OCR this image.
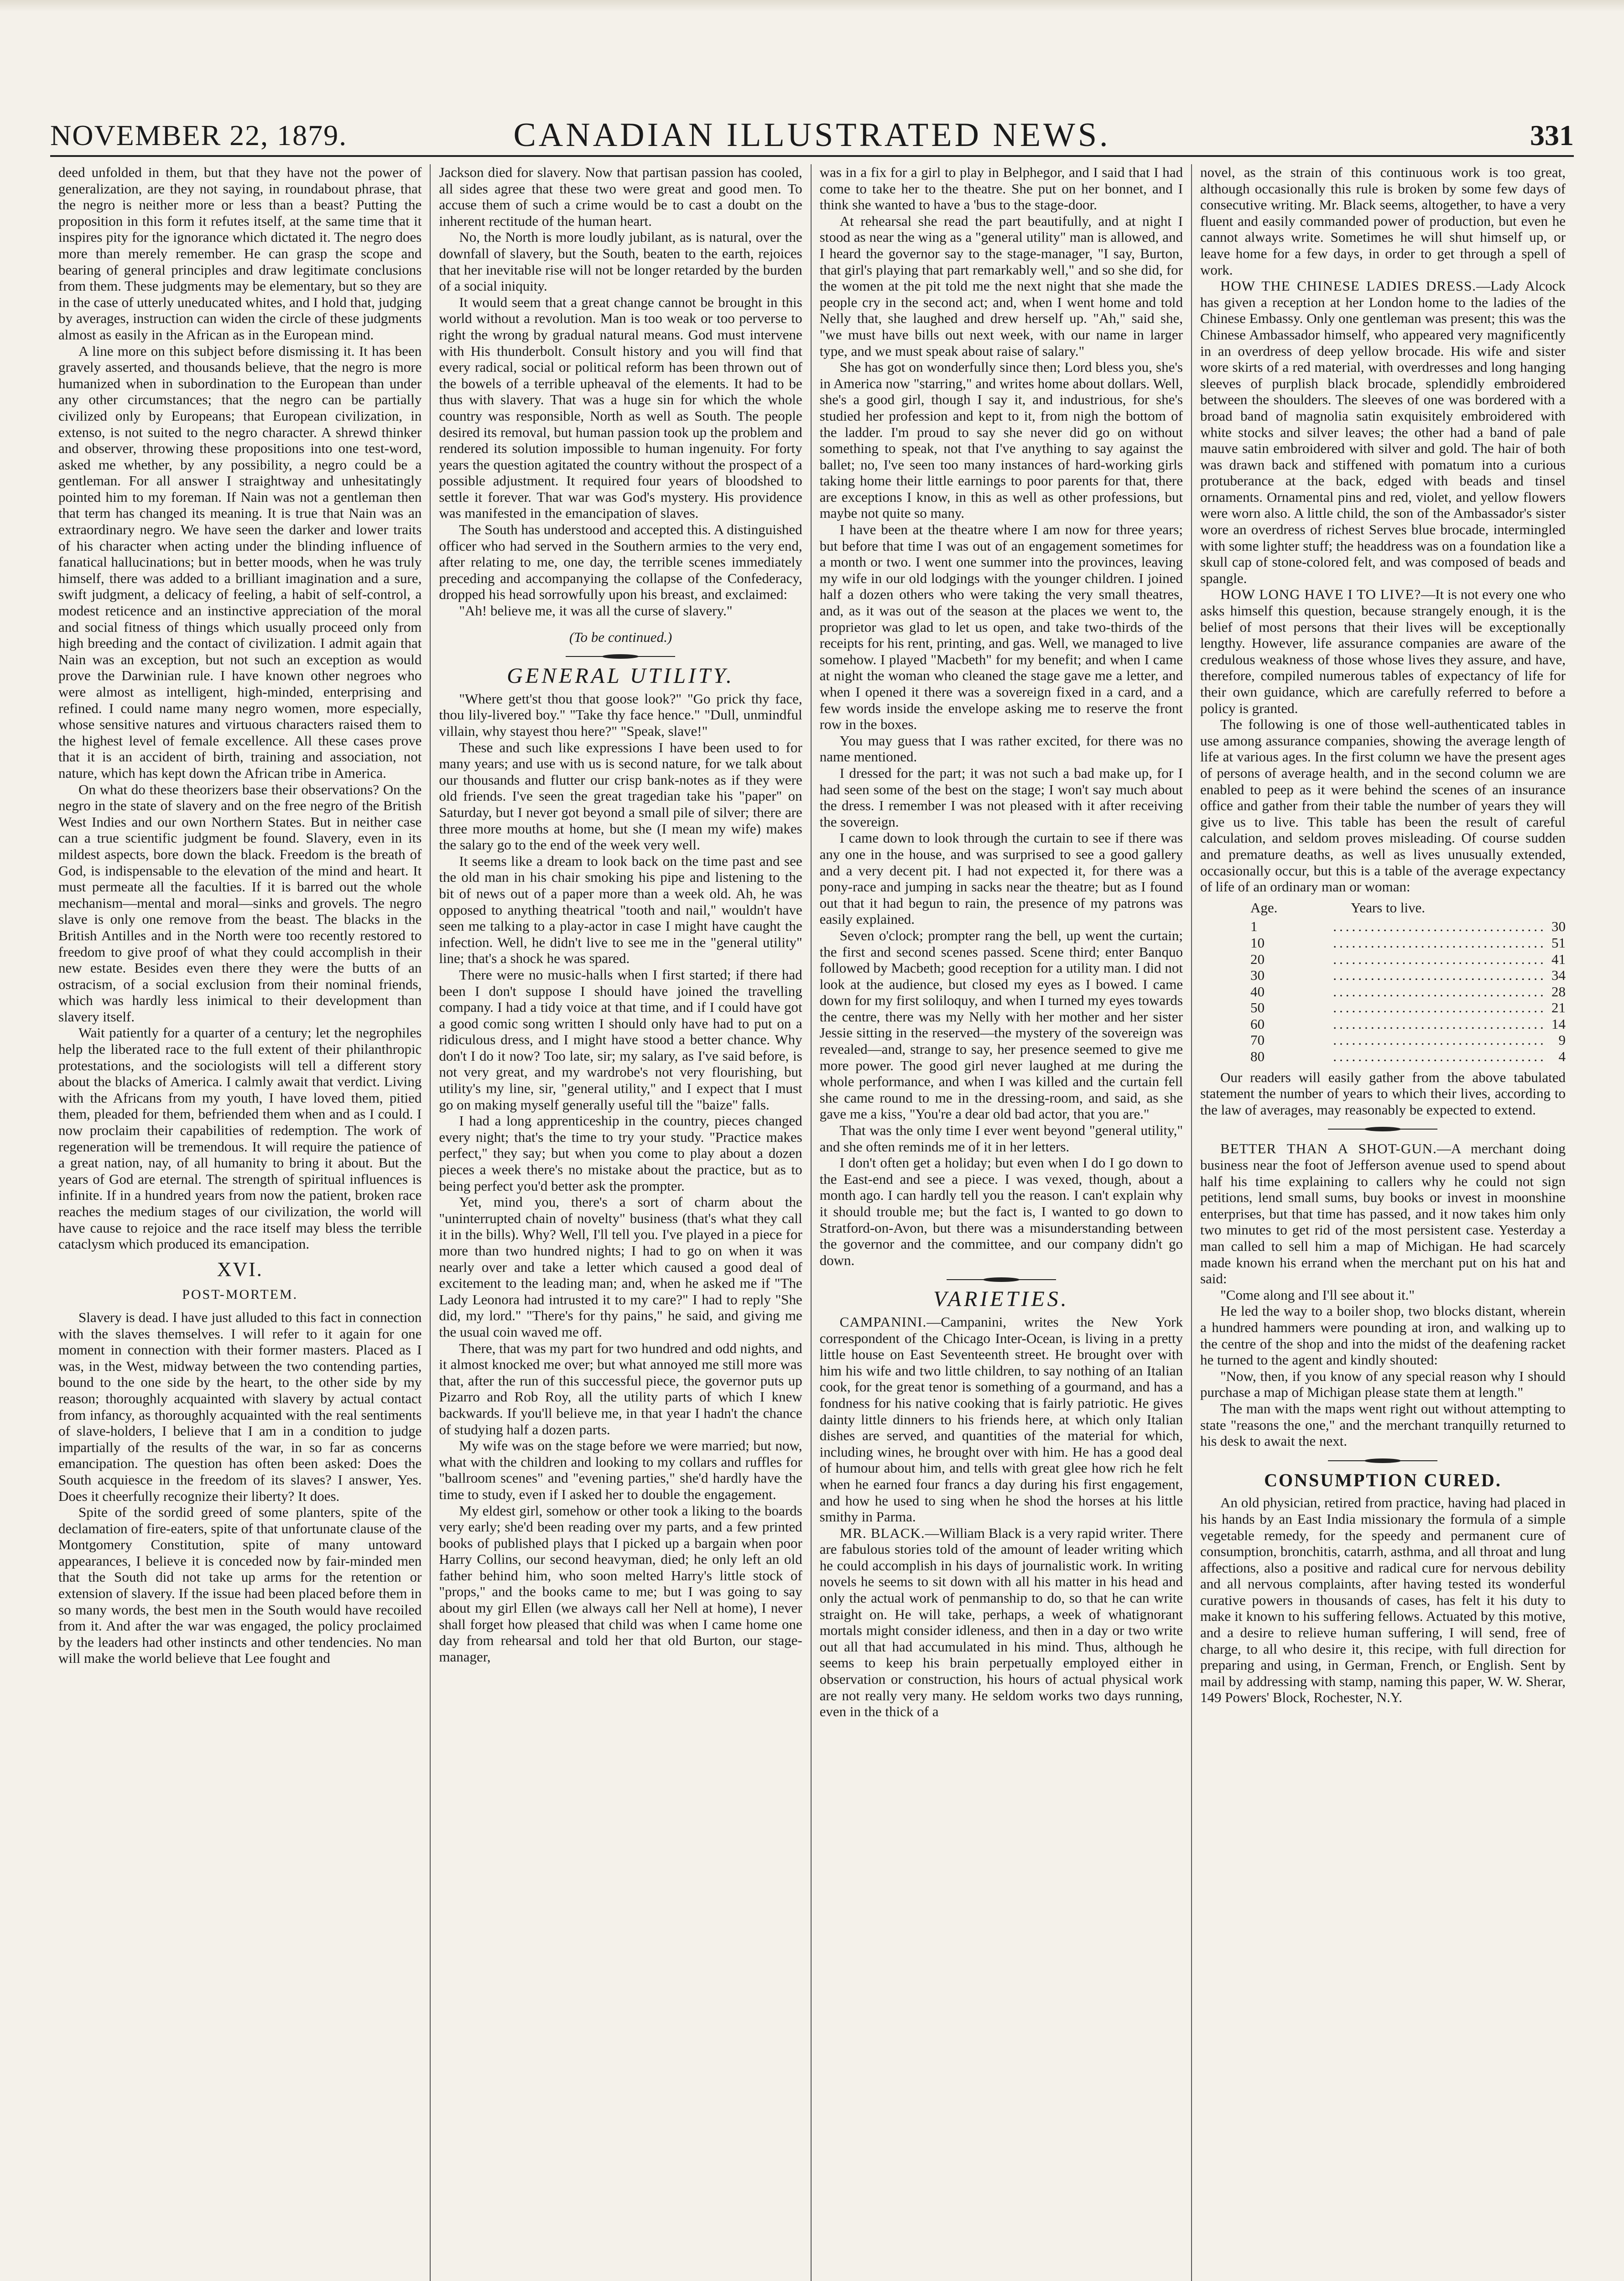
NOVEMBER 22, 1879.	CANADIAN ILLUSTRATED NEWS.	331

deed unfolded in them, but that they have not the power of generalization, are they not saying, in roundabout phrase, that the negro is neither more or less than a beast? Putting the proposition in this form it refutes itself, at the same time that it inspires pity for the ignorance which dictated it. The negro does more than merely remember. He can grasp the scope and bearing of general principles and draw legitimate conclusions from them. These judgments may be elementary, but so they are in the case of utterly uneducated whites, and I hold that, judging by averages, instruction can widen the circle of these judgments almost as easily in the African as in the European mind.

A line more on this subject before dismissing it. It has been gravely asserted, and thousands believe, that the negro is more humanized when in subordination to the European than under any other circumstances; that the negro can be partially civilized only by Europeans; that European civilization, in extenso, is not suited to the negro character. A shrewd thinker and observer, throwing these propositions into one test-word, asked me whether, by any possibility, a negro could be a gentleman. For all answer I straightway and unhesitatingly pointed him to my foreman. If Nain was not a gentleman then that term has changed its meaning. It is true that Nain was an extraordinary negro. We have seen the darker and lower traits of his character when acting under the blinding influence of fanatical hallucinations; but in better moods, when he was truly himself, there was added to a brilliant imagination and a sure, swift judgment, a delicacy of feeling, a habit of self-control, a modest reticence and an instinctive appreciation of the moral and social fitness of things which usually proceed only from high breeding and the contact of civilization. I admit again that Nain was an exception, but not such an exception as would prove the Darwinian rule. I have known other negroes who were almost as intelligent, high-minded, enterprising and refined. I could name many negro women, more especially, whose sensitive natures and virtuous characters raised them to the highest level of female excellence. All these cases prove that it is an accident of birth, training and association, not nature, which has kept down the African tribe in America.

On what do these theorizers base their observations? On the negro in the state of slavery and on the free negro of the British West Indies and our own Northern States. But in neither case can a true scientific judgment be found. Slavery, even in its mildest aspects, bore down the black. Freedom is the breath of God, is indispensable to the elevation of the mind and heart. It must permeate all the faculties. If it is barred out the whole mechanism—mental and moral—sinks and grovels. The negro slave is only one remove from the beast. The blacks in the British Antilles and in the North were too recently restored to freedom to give proof of what they could accomplish in their new estate. Besides even there they were the butts of an ostracism, of a social exclusion from their nominal friends, which was hardly less inimical to their development than slavery itself.

Wait patiently for a quarter of a century; let the negrophiles help the liberated race to the full extent of their philanthropic protestations, and the sociologists will tell a different story about the blacks of America. I calmly await that verdict. Living with the Africans from my youth, I have loved them, pitied them, pleaded for them, befriended them when and as I could. I now proclaim their capabilities of redemption. The work of regeneration will be tremendous. It will require the patience of a great nation, nay, of all humanity to bring it about. But the years of God are eternal. The strength of spiritual influences is infinite. If in a hundred years from now the patient, broken race reaches the medium stages of our civilization, the world will have cause to rejoice and the race itself may bless the terrible cataclysm which produced its emancipation.

XVI.
POST-MORTEM.

Slavery is dead. I have just alluded to this fact in connection with the slaves themselves. I will refer to it again for one moment in connection with their former masters. Placed as I was, in the West, midway between the two contending parties, bound to the one side by the heart, to the other side by my reason; thoroughly acquainted with slavery by actual contact from infancy, as thoroughly acquainted with the real sentiments of slave-holders, I believe that I am in a condition to judge impartially of the results of the war, in so far as concerns emancipation. The question has often been asked: Does the South acquiesce in the freedom of its slaves? I answer, Yes. Does it cheerfully recognize their liberty? It does.

Spite of the sordid greed of some planters, spite of the declamation of fire-eaters, spite of that unfortunate clause of the Montgomery Constitution, spite of many untoward appearances, I believe it is conceded now by fair-minded men that the South did not take up arms for the retention or extension of slavery. If the issue had been placed before them in so many words, the best men in the South would have recoiled from it. And after the war was engaged, the policy proclaimed by the leaders had other instincts and other tendencies. No man will make the world believe that Lee fought and

Jackson died for slavery. Now that partisan passion has cooled, all sides agree that these two were great and good men. To accuse them of such a crime would be to cast a doubt on the inherent rectitude of the human heart.

No, the North is more loudly jubilant, as is natural, over the downfall of slavery, but the South, beaten to the earth, rejoices that her inevitable rise will not be longer retarded by the burden of a social iniquity.

It would seem that a great change cannot be brought in this world without a revolution. Man is too weak or too perverse to right the wrong by gradual natural means. God must intervene with His thunderbolt. Consult history and you will find that every radical, social or political reform has been thrown out of the bowels of a terrible upheaval of the elements. It had to be thus with slavery. That was a huge sin for which the whole country was responsible, North as well as South. The people desired its removal, but human passion took up the problem and rendered its solution impossible to human ingenuity. For forty years the question agitated the country without the prospect of a possible adjustment. It required four years of bloodshed to settle it forever. That war was God's mystery. His providence was manifested in the emancipation of slaves.

The South has understood and accepted this. A distinguished officer who had served in the Southern armies to the very end, after relating to me, one day, the terrible scenes immediately preceding and accompanying the collapse of the Confederacy, dropped his head sorrowfully upon his breast, and exclaimed:

"Ah! believe me, it was all the curse of slavery."

(To be continued.)
GENERAL UTILITY.

"Where gett'st thou that goose look?" "Go prick thy face, thou lily-livered boy." "Take thy face hence." "Dull, unmindful villain, why stayest thou here?" "Speak, slave!"

These and such like expressions I have been used to for many years; and use with us is second nature, for we talk about our thousands and flutter our crisp bank-notes as if they were old friends. I've seen the great tragedian take his "paper" on Saturday, but I never got beyond a small pile of silver; there are three more mouths at home, but she (I mean my wife) makes the salary go to the end of the week very well.

It seems like a dream to look back on the time past and see the old man in his chair smoking his pipe and listening to the bit of news out of a paper more than a week old. Ah, he was opposed to anything theatrical "tooth and nail," wouldn't have seen me talking to a play-actor in case I might have caught the infection. Well, he didn't live to see me in the "general utility" line; that's a shock he was spared.

There were no music-halls when I first started; if there had been I don't suppose I should have joined the travelling company. I had a tidy voice at that time, and if I could have got a good comic song written I should only have had to put on a ridiculous dress, and I might have stood a better chance. Why don't I do it now? Too late, sir; my salary, as I've said before, is not very great, and my wardrobe's not very flourishing, but utility's my line, sir, "general utility," and I expect that I must go on making myself generally useful till the "baize" falls.

I had a long apprenticeship in the country, pieces changed every night; that's the time to try your study. "Practice makes perfect," they say; but when you come to play about a dozen pieces a week there's no mistake about the practice, but as to being perfect you'd better ask the prompter.

Yet, mind you, there's a sort of charm about the "uninterrupted chain of novelty" business (that's what they call it in the bills). Why? Well, I'll tell you. I've played in a piece for more than two hundred nights; I had to go on when it was nearly over and take a letter which caused a good deal of excitement to the leading man; and, when he asked me if "The Lady Leonora had intrusted it to my care?" I had to reply "She did, my lord." "There's for thy pains," he said, and giving me the usual coin waved me off.

There, that was my part for two hundred and odd nights, and it almost knocked me over; but what annoyed me still more was that, after the run of this successful piece, the governor puts up Pizarro and Rob Roy, all the utility parts of which I knew backwards. If you'll believe me, in that year I hadn't the chance of studying half a dozen parts.

My wife was on the stage before we were married; but now, what with the children and looking to my collars and ruffles for "ballroom scenes" and "evening parties," she'd hardly have the time to study, even if I asked her to double the engagement.

My eldest girl, somehow or other took a liking to the boards very early; she'd been reading over my parts, and a few printed books of published plays that I picked up a bargain when poor Harry Collins, our second heavyman, died; he only left an old father behind him, who soon melted Harry's little stock of "props," and the books came to me; but I was going to say about my girl Ellen (we always call her Nell at home), I never shall forget how pleased that child was when I came home one day from rehearsal and told her that old Burton, our stage-manager,

was in a fix for a girl to play in Belphegor, and I said that I had come to take her to the theatre. She put on her bonnet, and I think she wanted to have a 'bus to the stage-door.

At rehearsal she read the part beautifully, and at night I stood as near the wing as a "general utility" man is allowed, and I heard the governor say to the stage-manager, "I say, Burton, that girl's playing that part remarkably well," and so she did, for the women at the pit told me the next night that she made the people cry in the second act; and, when I went home and told Nelly that, she laughed and drew herself up. "Ah," said she, "we must have bills out next week, with our name in larger type, and we must speak about raise of salary."

She has got on wonderfully since then; Lord bless you, she's in America now "starring," and writes home about dollars. Well, she's a good girl, though I say it, and industrious, for she's studied her profession and kept to it, from nigh the bottom of the ladder. I'm proud to say she never did go on without something to speak, not that I've anything to say against the ballet; no, I've seen too many instances of hard-working girls taking home their little earnings to poor parents for that, there are exceptions I know, in this as well as other professions, but maybe not quite so many.

I have been at the theatre where I am now for three years; but before that time I was out of an engagement sometimes for a month or two. I went one summer into the provinces, leaving my wife in our old lodgings with the younger children. I joined half a dozen others who were taking the very small theatres, and, as it was out of the season at the places we went to, the proprietor was glad to let us open, and take two-thirds of the receipts for his rent, printing, and gas. Well, we managed to live somehow. I played "Macbeth" for my benefit; and when I came at night the woman who cleaned the stage gave me a letter, and when I opened it there was a sovereign fixed in a card, and a few words inside the envelope asking me to reserve the front row in the boxes.

You may guess that I was rather excited, for there was no name mentioned.

I dressed for the part; it was not such a bad make up, for I had seen some of the best on the stage; I won't say much about the dress. I remember I was not pleased with it after receiving the sovereign.

I came down to look through the curtain to see if there was any one in the house, and was surprised to see a good gallery and a very decent pit. I had not expected it, for there was a pony-race and jumping in sacks near the theatre; but as I found out that it had begun to rain, the presence of my patrons was easily explained.

Seven o'clock; prompter rang the bell, up went the curtain; the first and second scenes passed. Scene third; enter Banquo followed by Macbeth; good reception for a utility man. I did not look at the audience, but closed my eyes as I bowed. I came down for my first soliloquy, and when I turned my eyes towards the centre, there was my Nelly with her mother and her sister Jessie sitting in the reserved—the mystery of the sovereign was revealed—and, strange to say, her presence seemed to give me more power. The good girl never laughed at me during the whole performance, and when I was killed and the curtain fell she came round to me in the dressing-room, and said, as she gave me a kiss, "You're a dear old bad actor, that you are."

That was the only time I ever went beyond "general utility," and she often reminds me of it in her letters.

I don't often get a holiday; but even when I do I go down to the East-end and see a piece. I was vexed, though, about a month ago. I can hardly tell you the reason. I can't explain why it should trouble me; but the fact is, I wanted to go down to Stratford-on-Avon, but there was a misunderstanding between the governor and the committee, and our company didn't go down.

VARIETIES.

CAMPANINI.—Campanini, writes the New York correspondent of the Chicago Inter-Ocean, is living in a pretty little house on East Seventeenth street. He brought over with him his wife and two little children, to say nothing of an Italian cook, for the great tenor is something of a gourmand, and has a fondness for his native cooking that is fairly patriotic. He gives dainty little dinners to his friends here, at which only Italian dishes are served, and quantities of the material for which, including wines, he brought over with him. He has a good deal of humour about him, and tells with great glee how rich he felt when he earned four francs a day during his first engagement, and how he used to sing when he shod the horses at his little smithy in Parma.

MR. BLACK.—William Black is a very rapid writer. There are fabulous stories told of the amount of leader writing which he could accomplish in his days of journalistic work. In writing novels he seems to sit down with all his matter in his head and only the actual work of penmanship to do, so that he can write straight on. He will take, perhaps, a week of whatignorant mortals might consider idleness, and then in a day or two write out all that had accumulated in his mind. Thus, although he seems to keep his brain perpetually employed either in observation or construction, his hours of actual physical work are not really very many. He seldom works two days running, even in the thick of a

novel, as the strain of this continuous work is too great, although occasionally this rule is broken by some few days of consecutive writing. Mr. Black seems, altogether, to have a very fluent and easily commanded power of production, but even he cannot always write. Sometimes he will shut himself up, or leave home for a few days, in order to get through a spell of work.

HOW THE CHINESE LADIES DRESS.—Lady Alcock has given a reception at her London home to the ladies of the Chinese Embassy. Only one gentleman was present; this was the Chinese Ambassador himself, who appeared very magnificently in an overdress of deep yellow brocade. His wife and sister wore skirts of a red material, with overdresses and long hanging sleeves of purplish black brocade, splendidly embroidered between the shoulders. The sleeves of one was bordered with a broad band of magnolia satin exquisitely embroidered with white stocks and silver leaves; the other had a band of pale mauve satin embroidered with silver and gold. The hair of both was drawn back and stiffened with pomatum into a curious protuberance at the back, edged with beads and tinsel ornaments. Ornamental pins and red, violet, and yellow flowers were worn also. A little child, the son of the Ambassador's sister wore an overdress of richest Serves blue brocade, intermingled with some lighter stuff; the headdress was on a foundation like a skull cap of stone-colored felt, and was composed of beads and spangle.

HOW LONG HAVE I TO LIVE?—It is not every one who asks himself this question, because strangely enough, it is the belief of most persons that their lives will be exceptionally lengthy. However, life assurance companies are aware of the credulous weakness of those whose lives they assure, and have, therefore, compiled numerous tables of expectancy of life for their own guidance, which are carefully referred to before a policy is granted.

The following is one of those well-authenticated tables in use among assurance companies, showing the average length of life at various ages. In the first column we have the present ages of persons of average health, and in the second column we are enabled to peep as it were behind the scenes of an insurance office and gather from their table the number of years they will give us to live. This table has been the result of careful calculation, and seldom proves misleading. Of course sudden and premature deaths, as well as lives unusually extended, occasionally occur, but this is a table of the average expectancy of life of an ordinary man or woman:

Age.	Years to live.
1	.................................. 30
10	.................................. 51
20	.................................. 41
30	.................................. 34
40	.................................. 28
50	.................................. 21
60	.................................. 14
70	.................................. 9
80	.................................. 4

Our readers will easily gather from the above tabulated statement the number of years to which their lives, according to the law of averages, may reasonably be expected to extend.

BETTER THAN A SHOT-GUN.—A merchant doing business near the foot of Jefferson avenue used to spend about half his time explaining to callers why he could not sign petitions, lend small sums, buy books or invest in moonshine enterprises, but that time has passed, and it now takes him only two minutes to get rid of the most persistent case. Yesterday a man called to sell him a map of Michigan. He had scarcely made known his errand when the merchant put on his hat and said:

"Come along and I'll see about it."

He led the way to a boiler shop, two blocks distant, wherein a hundred hammers were pounding at iron, and walking up to the centre of the shop and into the midst of the deafening racket he turned to the agent and kindly shouted:

"Now, then, if you know of any special reason why I should purchase a map of Michigan please state them at length."

The man with the maps went right out without attempting to state "reasons the one," and the merchant tranquilly returned to his desk to await the next.

CONSUMPTION CURED.

An old physician, retired from practice, having had placed in his hands by an East India missionary the formula of a simple vegetable remedy, for the speedy and permanent cure of consumption, bronchitis, catarrh, asthma, and all throat and lung affections, also a positive and radical cure for nervous debility and all nervous complaints, after having tested its wonderful curative powers in thousands of cases, has felt it his duty to make it known to his suffering fellows. Actuated by this motive, and a desire to relieve human suffering, I will send, free of charge, to all who desire it, this recipe, with full direction for preparing and using, in German, French, or English. Sent by mail by addressing with stamp, naming this paper, W. W. Sherar, 149 Powers' Block, Rochester, N.Y.
